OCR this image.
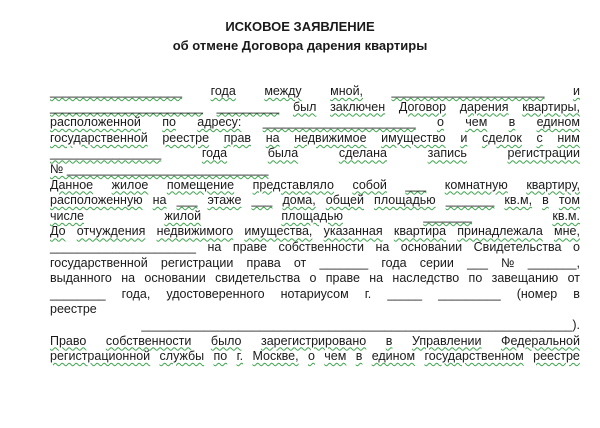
ИСКОВОЕ ЗАЯВЛЕНИЕ
об отмене Договора дарения квартиры
___________________ года между мной, ______________________ и
______________________ _________ был заключен Договор дарения квартиры,
расположенной по адресу: ______________________ о чем в едином
государственной реестре прав на недвижимое имущество и сделок с ним
________________	года	была	сделана	запись	регистрации
№ _____________________________
Данное жилое помещение представляло собой ___ комнатную квартиру,
расположенную на ___ этаже ___ дома, общей площадью _______ кв.м, в том
числе	жилой	площадью	_______	кв.м.
До отчуждения недвижимого имущества, указанная квартира принадлежала мне,
_____________________ на праве собственности на основании Свидетельства о
государственной регистрации права от _______ года серии ___ № _______,
выданного на основании свидетельства о праве на наследство по завещанию от
________ года, удостоверенного нотариусом г. _____ _________ (номер в
реестре
______________________________________________________________).
Право собственности было зарегистрировано в Управлении Федеральной
регистрационной службы по г. Москве, о чем в едином государственном реестре
